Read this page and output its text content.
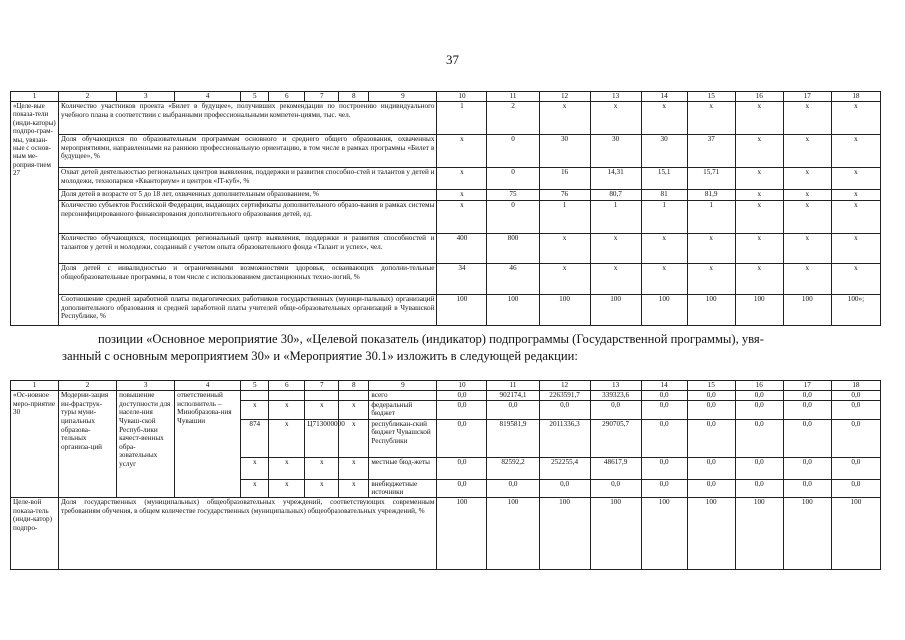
37
1	2	3	4	5	6	7	8	9	10	11	12	13	14	15	16	17	18
«Целе-вые показа-тели (инди-каторы) подпро-грам-мы, увязан-ные с основ-ным ме-роприя-тием 27	Количество участников проекта «Билет в будущее», получивших рекомендации по построению индивидуального учебного плана в соответствии с выбранными профессиональными компетен-циями, тыс. чел.								1	2	x	x	x	x	x	x	x
	Доля обучающихся по образовательным программам основного и среднего общего образования, охваченных мероприятиями, направленными на раннюю профессиональную ориентацию, в том числе в рамках программы «Билет в будущее», %								x	0	30	30	30	37	x	x	x
	Охват детей деятельностью региональных центров выявления, поддержки и развития способно-стей и талантов у детей и молодежи, технопарков «Кванториум» и центров «IT-куб», %								x	0	16	14,31	15,1	15,71	x	x	x
	Доля детей в возрасте от 5 до 18 лет, охваченных дополнительным образованием, %								x	75	76	80,7	81	81,9	x	x	x
	Количество субъектов Российской Федерации, выдающих сертификаты дополнительного образо-вания в рамках системы персонифицированного финансирования дополнительного образования детей, ед.								x	0	1	1	1	1	x	x	x
	Количество обучающихся, посещающих региональный центр выявления, поддержки и развития способностей и талантов у детей и молодежи, созданный с учетом опыта образовательного фонда «Талант и успех», чел.								400	800	x	x	x	x	x	x	x
	Доля детей с инвалидностью и ограниченными возможностями здоровья, осваивающих дополни-тельные общеобразовательные программы, в том числе с использованием дистанционных техно-логий, %								34	46	x	x	x	x	x	x	x
	Соотношение средней заработной платы педагогических работников государственных (муници-пальных) организаций дополнительного образования и средней заработной платы учителей обще-образовательных организаций в Чувашской Республике, %								100	100	100	100	100	100	100	100	100»;
позиции «Основное мероприятие 30», «Целевой показатель (индикатор) подпрограммы (Государственной программы), увя-
занный с основным мероприятием 30» и «Мероприятие 30.1» изложить в следующей редакции:
1	2	3	4	5	6	7	8	9	10	11	12	13	14	15	16	17	18
«Ос-новное меро-приятие 30	Модерни-зация ин-фраструк-туры муни-ципальных образова-тельных организа-ций	повышение доступности для населе-ния Чуваш-ской Респуб-лики качест-венных обра-зовательных услуг	ответственный исполнитель – Минобразова-ния Чувашии					всего	0,0	902174,1	2263591,7	339323,6	0,0	0,0	0,0	0,0	0,0
				x	x	x	x	федеральный бюджет	0,0	0,0	0,0	0,0	0,0	0,0	0,0	0,0	0,0
				874	x	Ц713000000	x	республикан-ский бюджет Чувашской Республики	0,0	819581,9	2011336,3	290705,7	0,0	0,0	0,0	0,0	0,0
				x	x	x	x	местные бюд-жеты	0,0	82592,2	252255,4	48617,9	0,0	0,0	0,0	0,0	0,0
				x	x	x	x	внебюджетные источники	0,0	0,0	0,0	0,0	0,0	0,0	0,0	0,0	0,0
Целе-вой показа-тель (инди-катор) подпро-	Доля государственных (муниципальных) общеобразовательных учреждений, соответствующих современным требованиям обучения, в общем количестве государственных (муниципальных) общеобразовательных учреждений, %								100	100	100	100	100	100	100	100	100
